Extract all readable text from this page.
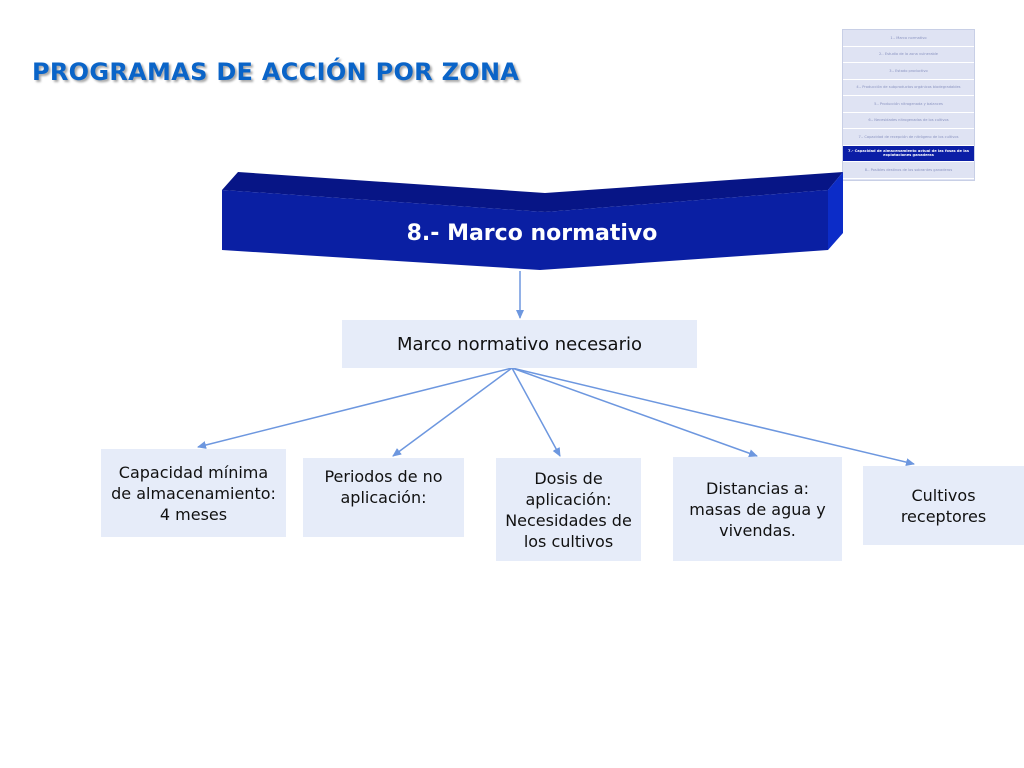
PROGRAMAS DE ACCIÓN POR ZONA
1.- Marco normativo
2.- Estudio de la zona vulnerable
3.- Estado productivo
4.- Producción de subproductos orgánicos biodegradables
5.- Producción nitrogenada y balances
6.- Necesidades nitrogenadas de los cultivos
7.- Capacidad de recepción de nitrógeno de los cultivos
7.- Capacidad de almacenamiento actual de las fosas de las explotaciones ganaderas
8.- Posibles destinos de los sobrantes ganaderos
8.- Marco normativo
Marco normativo necesario
Capacidad mínima de almacenamiento: 4 meses
Periodos de no aplicación:
Dosis de aplicación: Necesidades de los cultivos
Distancias a: masas de agua y vivendas.
Cultivos receptores
